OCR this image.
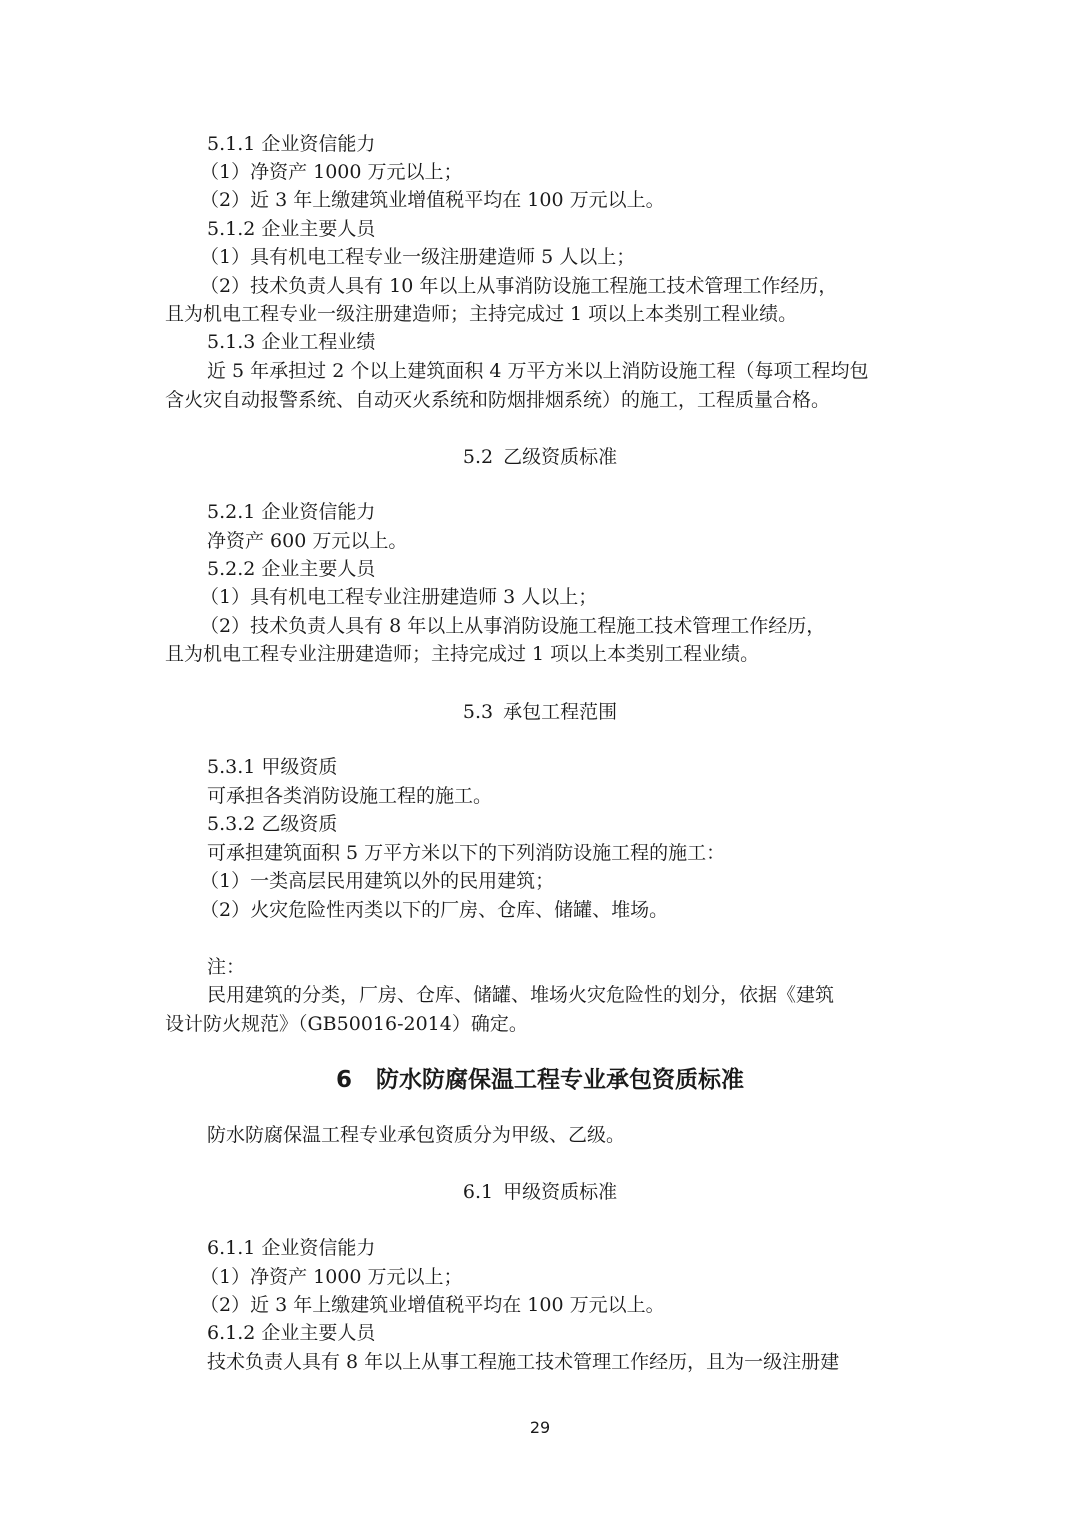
5.1.1 企业资信能力
（1）净资产 1000 万元以上；
（2）近 3 年上缴建筑业增值税平均在 100 万元以上。
5.1.2 企业主要人员
（1）具有机电工程专业一级注册建造师 5 人以上；
（2）技术负责人具有 10 年以上从事消防设施工程施工技术管理工作经历，
且为机电工程专业一级注册建造师；主持完成过 1 项以上本类别工程业绩。
5.1.3 企业工程业绩
近 5 年承担过 2 个以上建筑面积 4 万平方米以上消防设施工程（每项工程均包
含火灾自动报警系统、自动灭火系统和防烟排烟系统）的施工，工程质量合格。
5.2 乙级资质标准
5.2.1 企业资信能力
净资产 600 万元以上。
5.2.2 企业主要人员
（1）具有机电工程专业注册建造师 3 人以上；
（2）技术负责人具有 8 年以上从事消防设施工程施工技术管理工作经历，
且为机电工程专业注册建造师；主持完成过 1 项以上本类别工程业绩。
5.3 承包工程范围
5.3.1 甲级资质
可承担各类消防设施工程的施工。
5.3.2 乙级资质
可承担建筑面积 5 万平方米以下的下列消防设施工程的施工：
（1）一类高层民用建筑以外的民用建筑；
（2）火灾危险性丙类以下的厂房、仓库、储罐、堆场。
注：
民用建筑的分类，厂房、仓库、储罐、堆场火灾危险性的划分，依据《建筑
设计防火规范》（GB50016-2014）确定。
6 防水防腐保温工程专业承包资质标准
防水防腐保温工程专业承包资质分为甲级、乙级。
6.1 甲级资质标准
6.1.1 企业资信能力
（1）净资产 1000 万元以上；
（2）近 3 年上缴建筑业增值税平均在 100 万元以上。
6.1.2 企业主要人员
技术负责人具有 8 年以上从事工程施工技术管理工作经历，且为一级注册建
29
